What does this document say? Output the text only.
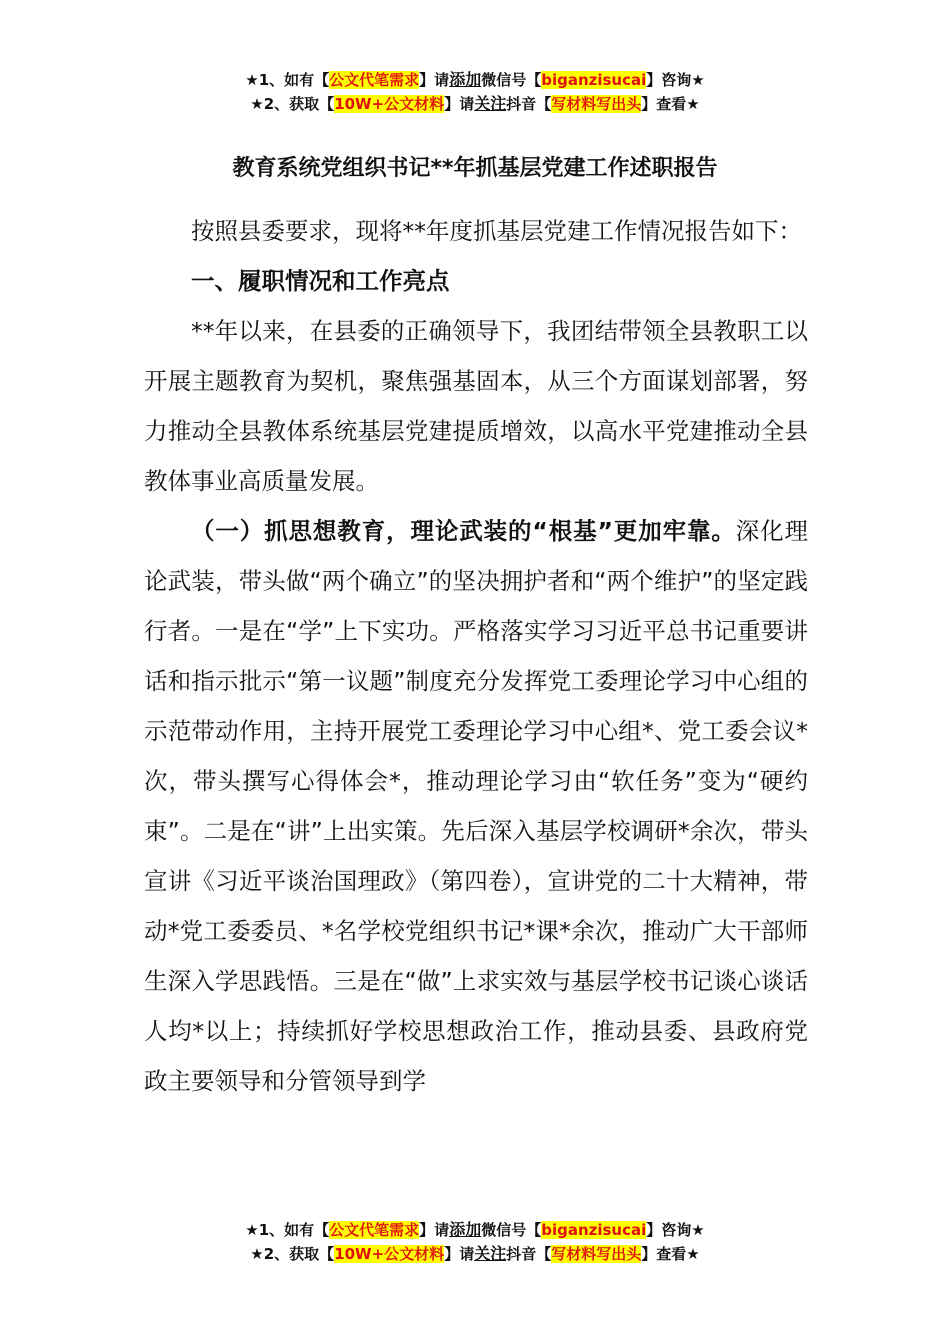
★1、如有【公文代笔需求】请添加微信号【biganzisucai】咨询★
★2、获取【10W+公文材料】请关注抖音【写材料写出头】查看★
教育系统党组织书记**年抓基层党建工作述职报告

按照县委要求，现将**年度抓基层党建工作情况报告如下：

一、履职情况和工作亮点

**年以来，在县委的正确领导下，我团结带领全县教职工以开展主题教育为契机，聚焦强基固本，从三个方面谋划部署，努力推动全县教体系统基层党建提质增效，以高水平党建推动全县教体事业高质量发展。

（一）抓思想教育，理论武装的“根基”更加牢靠。深化理论武装，带头做“两个确立”的坚决拥护者和“两个维护”的坚定践行者。一是在“学”上下实功。严格落实学习习近平总书记重要讲话和指示批示“第一议题”制度充分发挥党工委理论学习中心组的示范带动作用，主持开展党工委理论学习中心组*、党工委会议*次，带头撰写心得体会*，推动理论学习由“软任务”变为“硬约束”。二是在“讲”上出实策。先后深入基层学校调研*余次，带头宣讲《习近平谈治国理政》（第四卷），宣讲党的二十大精神，带动*党工委委员、*名学校党组织书记*课*余次，推动广大干部师生深入学思践悟。三是在“做”上求实效与基层学校书记谈心谈话人均*以上；持续抓好学校思想政治工作，推动县委、县政府党政主要领导和分管领导到学

★1、如有【公文代笔需求】请添加微信号【biganzisucai】咨询★
★2、获取【10W+公文材料】请关注抖音【写材料写出头】查看★
